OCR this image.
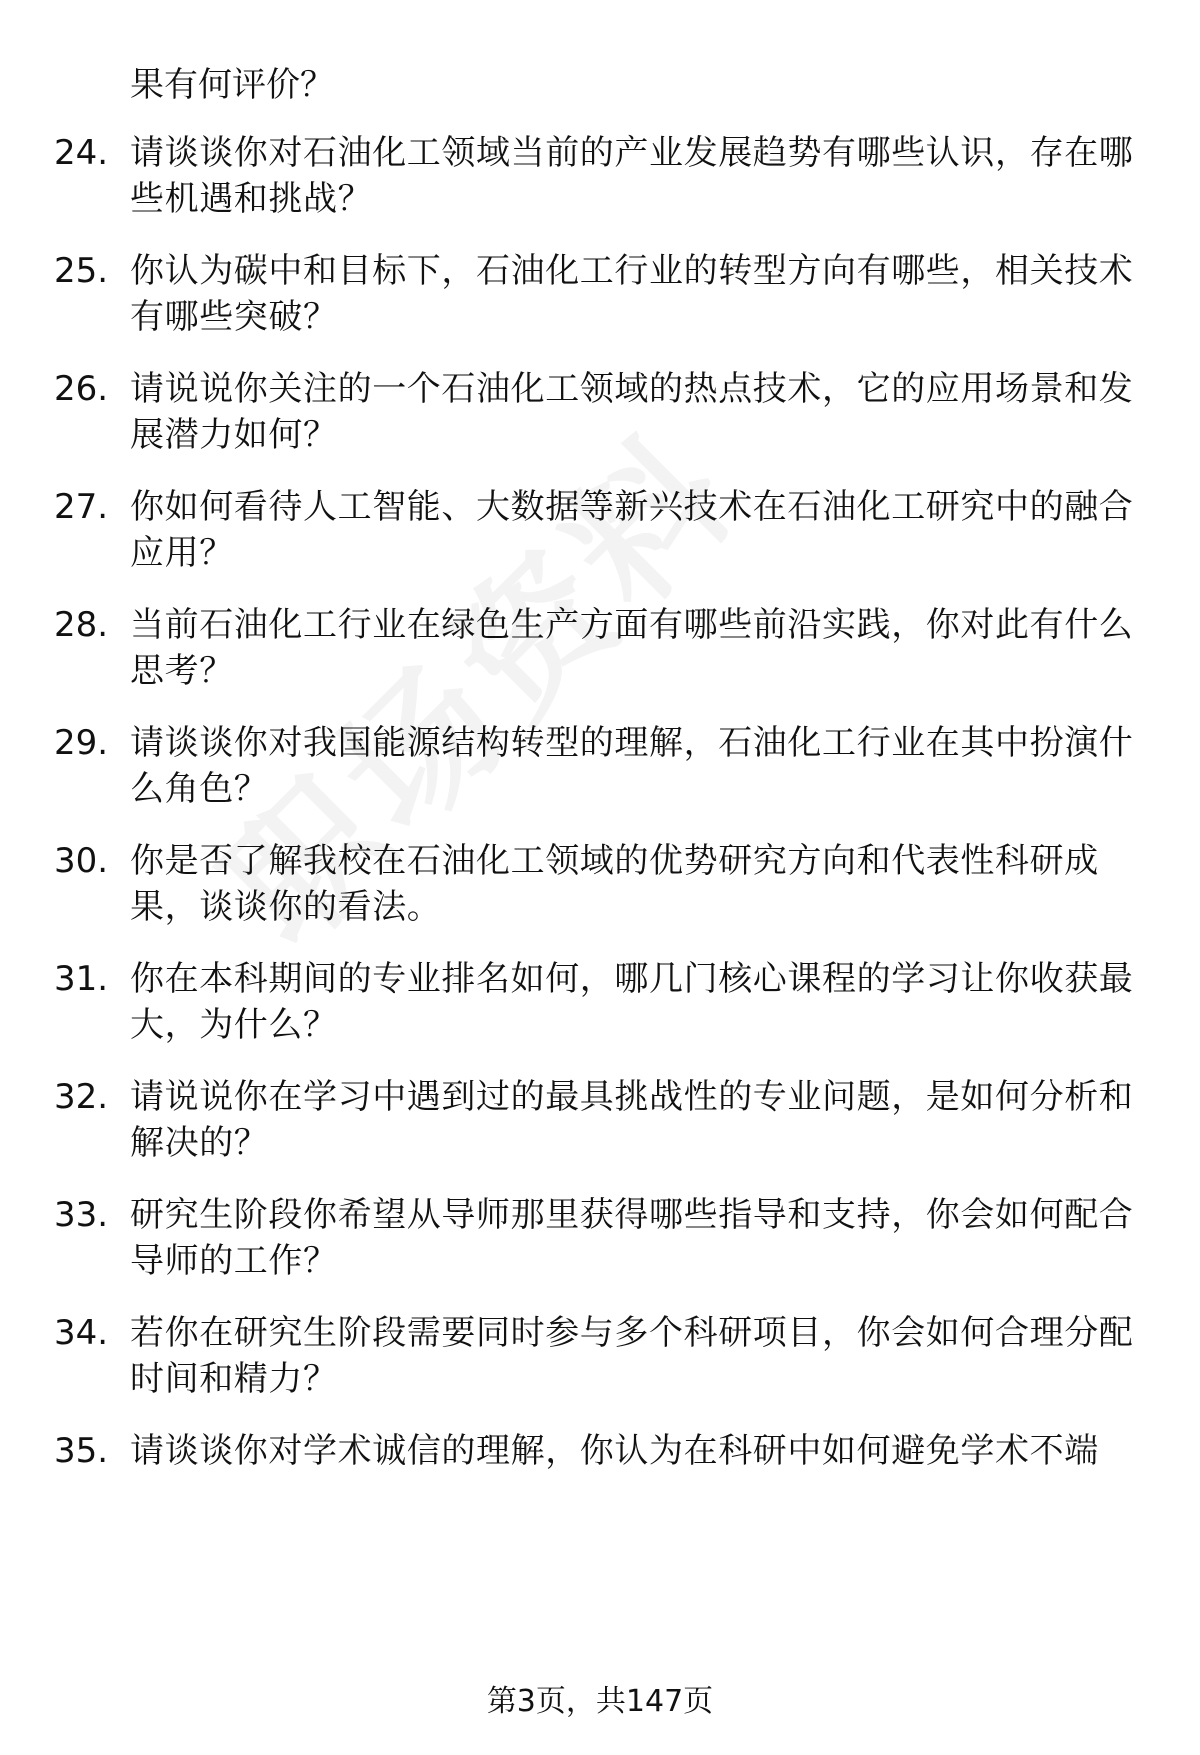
果有何评价？
24. 请谈谈你对石油化工领域当前的产业发展趋势有哪些认识，存在哪些机遇和挑战？
25. 你认为碳中和目标下，石油化工行业的转型方向有哪些，相关技术有哪些突破？
26. 请说说你关注的一个石油化工领域的热点技术，它的应用场景和发展潜力如何？
27. 你如何看待人工智能、大数据等新兴技术在石油化工研究中的融合应用？
28. 当前石油化工行业在绿色生产方面有哪些前沿实践，你对此有什么思考？
29. 请谈谈你对我国能源结构转型的理解，石油化工行业在其中扮演什么角色？
30. 你是否了解我校在石油化工领域的优势研究方向和代表性科研成果，谈谈你的看法。
31. 你在本科期间的专业排名如何，哪几门核心课程的学习让你收获最大，为什么？
32. 请说说你在学习中遇到过的最具挑战性的专业问题，是如何分析和解决的？
33. 研究生阶段你希望从导师那里获得哪些指导和支持，你会如何配合导师的工作？
34. 若你在研究生阶段需要同时参与多个科研项目，你会如何合理分配时间和精力？
35. 请谈谈你对学术诚信的理解，你认为在科研中如何避免学术不端
第3页，共147页
